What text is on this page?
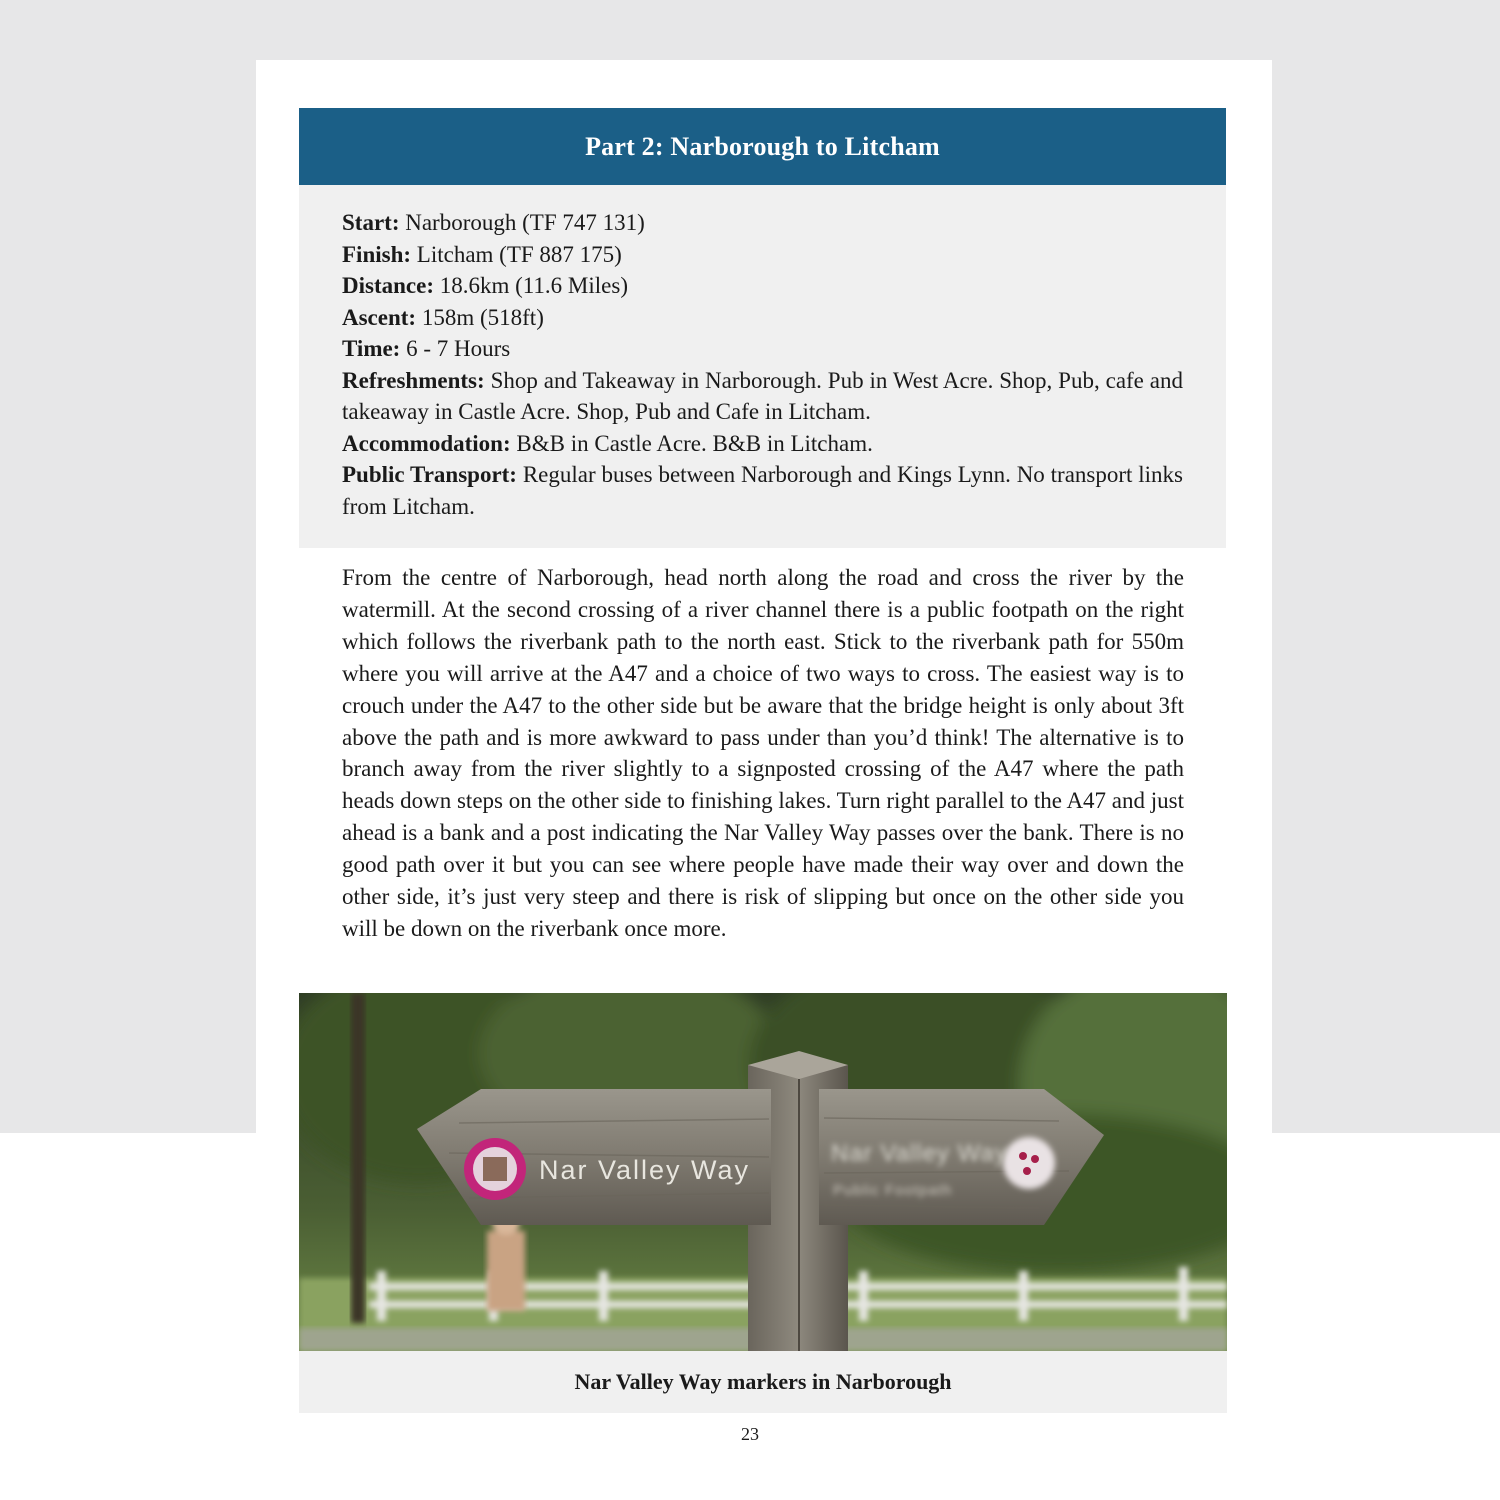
Part 2: Narborough to Litcham

Start: Narborough (TF 747 131)

Finish: Litcham (TF 887 175)

Distance: 18.6km (11.6 Miles)

Ascent: 158m (518ft)

Time: 6 - 7 Hours

Refreshments: Shop and Takeaway in Narborough. Pub in West Acre. Shop, Pub, cafe and takeaway in Castle Acre. Shop, Pub and Cafe in Litcham.

Accommodation: B&B in Castle Acre. B&B in Litcham.

Public Transport: Regular buses between Narborough and Kings Lynn. No transport links from Litcham.

From the centre of Narborough, head north along the road and cross the river by the watermill. At the second crossing of a river channel there is a public footpath on the right which follows the riverbank path to the north east. Stick to the riverbank path for 550m where you will arrive at the A47 and a choice of two ways to cross. The easiest way is to crouch under the A47 to the other side but be aware that the bridge height is only about 3ft above the path and is more awkward to pass under than you’d think! The alternative is to branch away from the river slightly to a signposted crossing of the A47 where the path heads down steps on the other side to finishing lakes. Turn right parallel to the A47 and just ahead is a bank and a post indicating the Nar Valley Way passes over the bank. There is no good path over it but you can see where people have made their way over and down the other side, it’s just very steep and there is risk of slipping but once on the other side you will be down on the riverbank once more.

Nar Valley Way
Nar Valley Way
Public Footpath
Nar Valley Way markers in Narborough
23
